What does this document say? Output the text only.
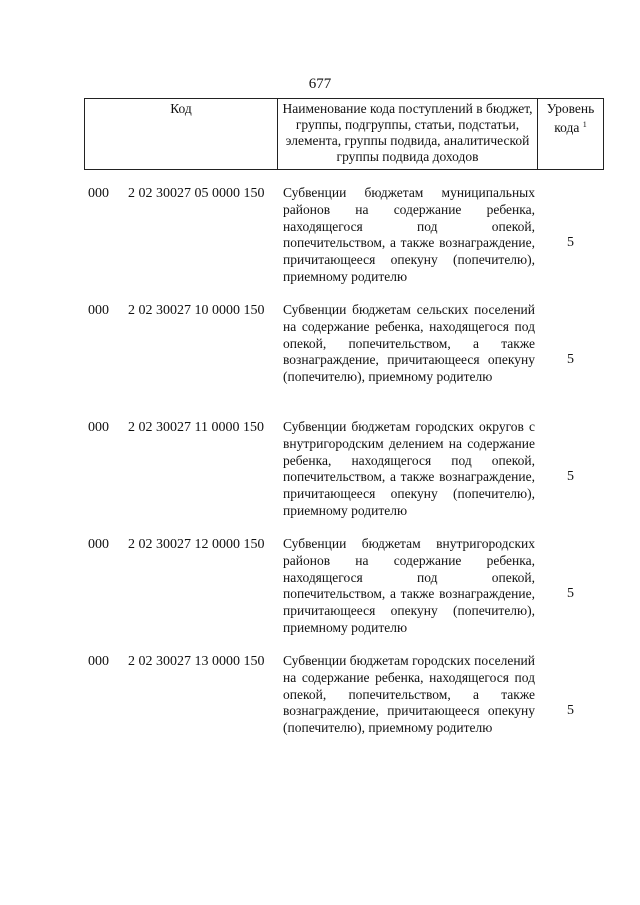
677
Код	Наименование кода поступлений в бюджет, группы, подгруппы, статьи, подстатьи, элемента, группы подвида, аналитической группы подвида доходов
Уровень кода $^1$
000 2 02 30027 05 0000 150 Субвенции бюджетам муниципальных районов на содержание ребенка, находящегося под опекой, попечительством, а также вознаграждение, причитающееся опекуну (попечителю), приемному родителю
5
000 2 02 30027 10 0000 150 Субвенции бюджетам сельских поселений на содержание ребенка, находящегося под опекой, попечительством, а также вознаграждение, причитающееся опекуну (попечителю), приемному родителю
5
000 2 02 30027 11 0000 150 Субвенции бюджетам городских округов с внутригородским делением на содержание ребенка, находящегося под опекой, попечительством, а также вознаграждение, причитающееся опекуну (попечителю), приемному родителю
5
000 2 02 30027 12 0000 150 Субвенции бюджетам внутригородских районов на содержание ребенка, находящегося под опекой, попечительством, а также вознаграждение, причитающееся опекуну (попечителю), приемному родителю
5
000 2 02 30027 13 0000 150 Субвенции бюджетам городских поселений на содержание ребенка, находящегося под опекой, попечительством, а также вознаграждение, причитающееся опекуну (попечителю), приемному родителю
5
